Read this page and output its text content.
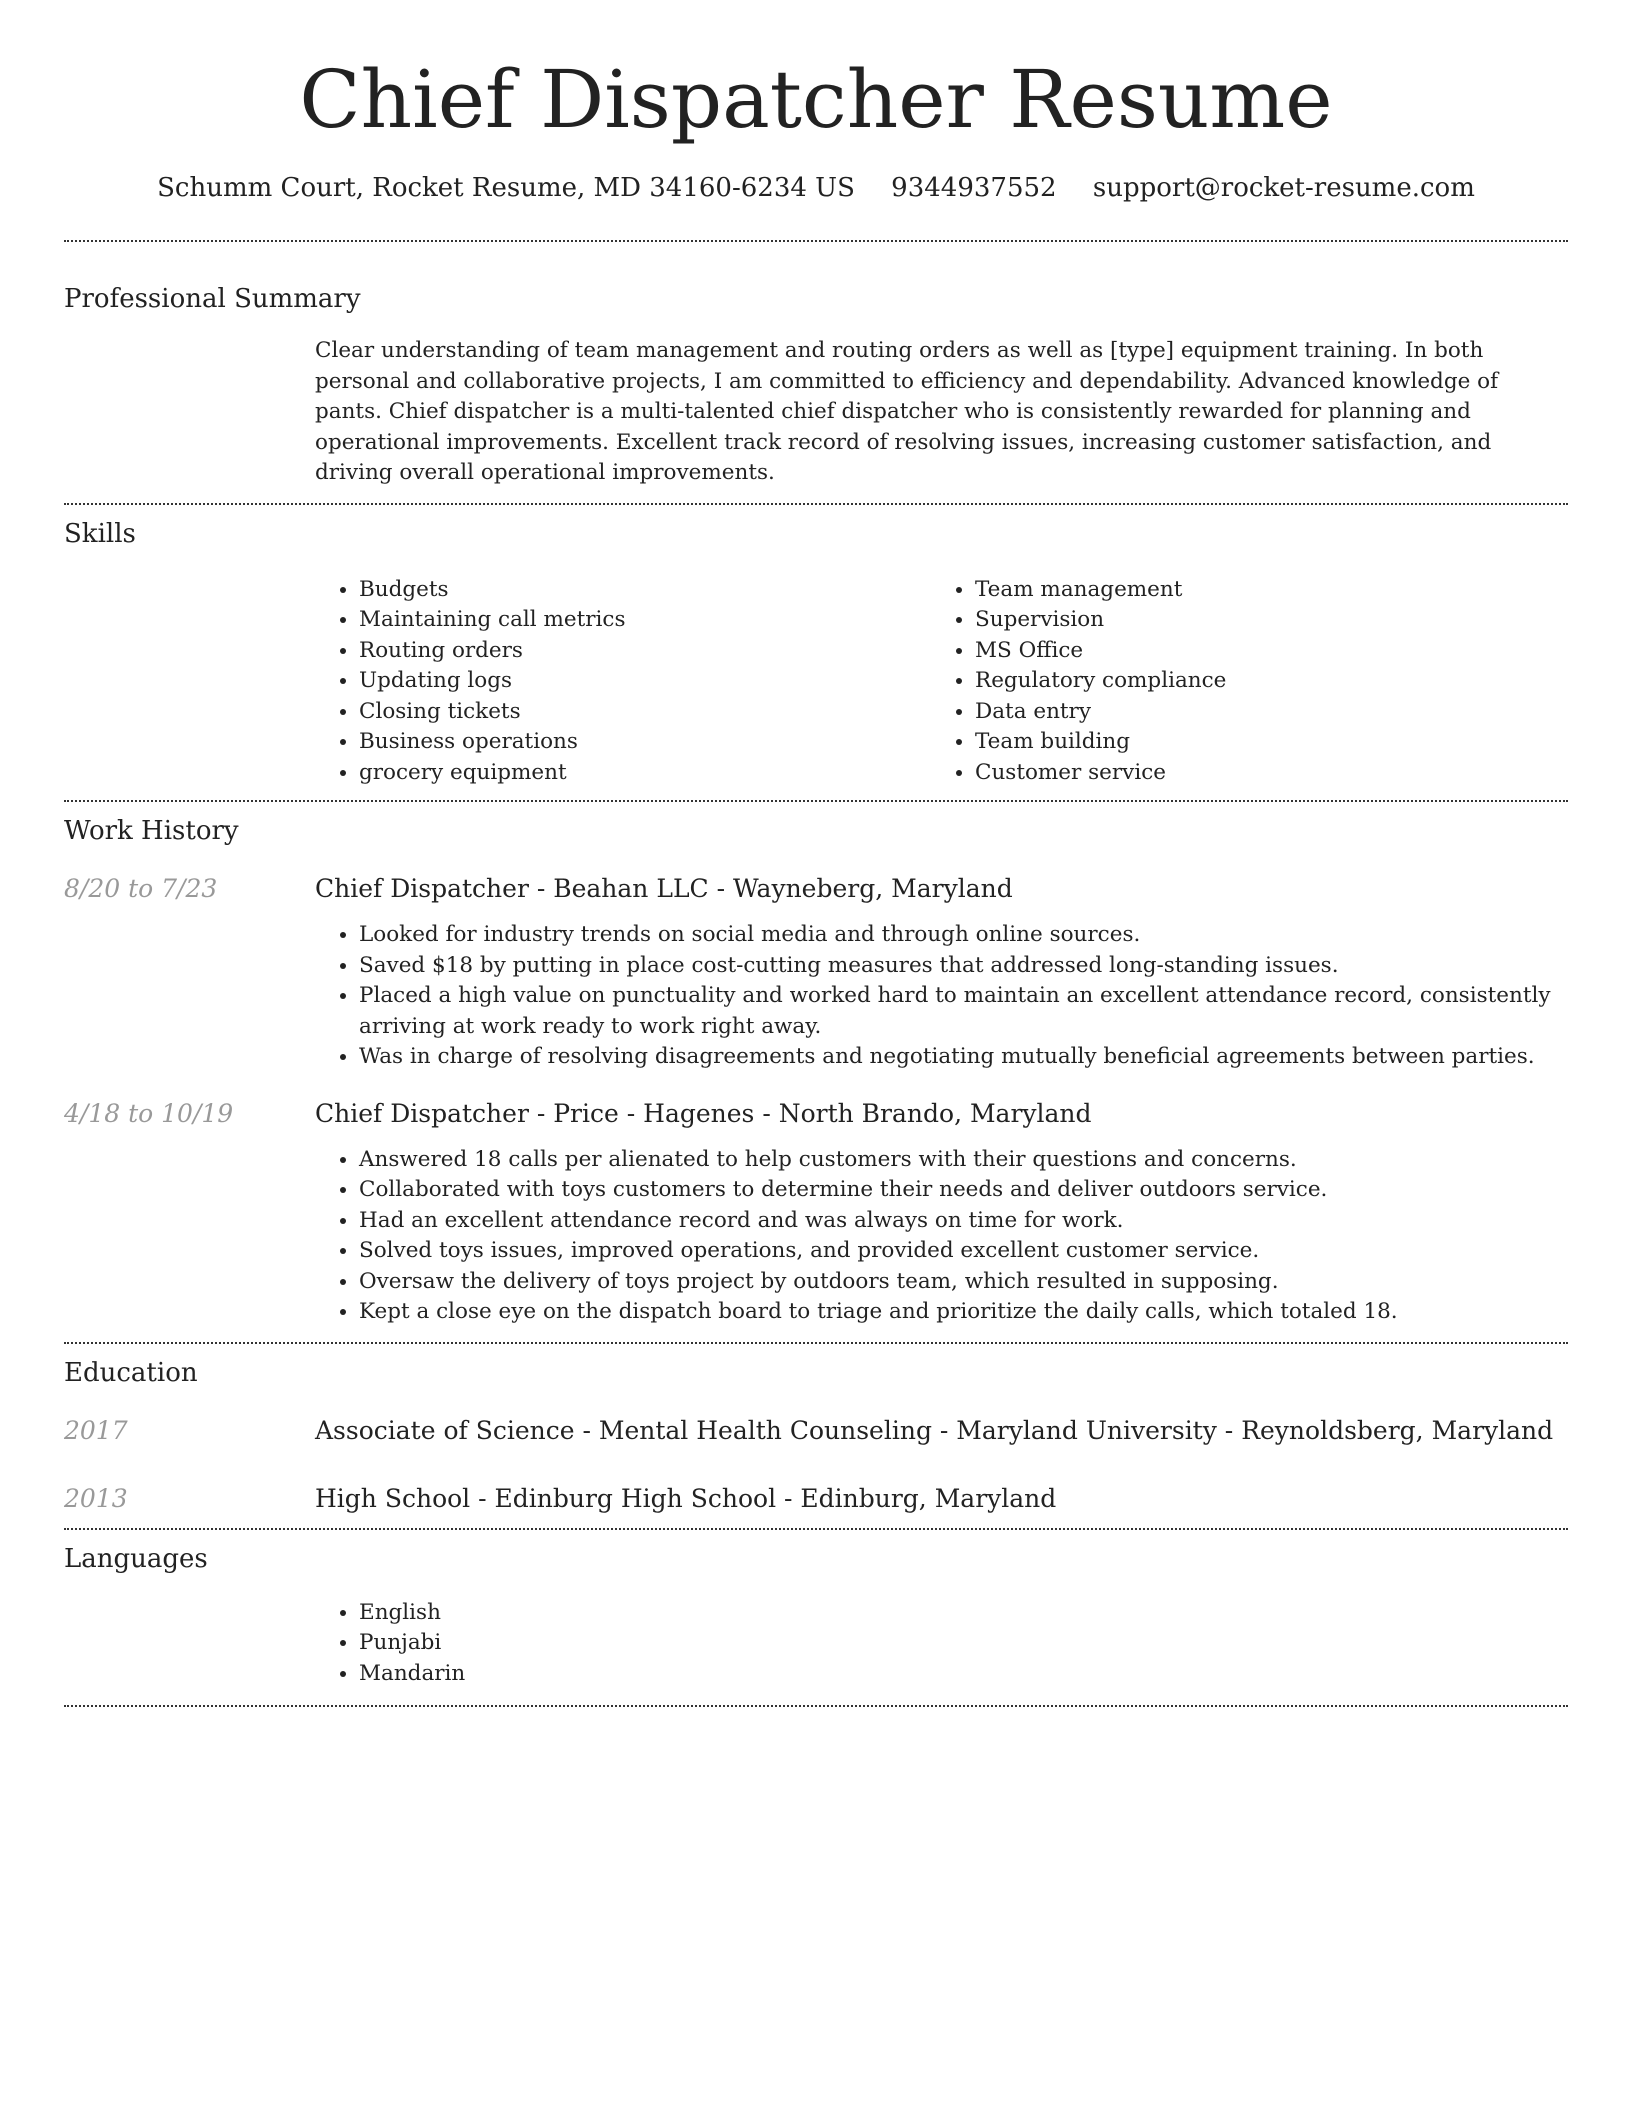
Chief Dispatcher Resume
Schumm Court, Rocket Resume, MD 34160-6234 US 9344937552 support@rocket-resume.com
Professional Summary
Clear understanding of team management and routing orders as well as [type] equipment training. In both personal and collaborative projects, I am committed to efficiency and dependability. Advanced knowledge of pants. Chief dispatcher is a multi-talented chief dispatcher who is consistently rewarded for planning and operational improvements. Excellent track record of resolving issues, increasing customer satisfaction, and driving overall operational improvements.
Skills
• Budgets
• Maintaining call metrics
• Routing orders
• Updating logs
• Closing tickets
• Business operations
• grocery equipment
• Team management
• Supervision
• MS Office
• Regulatory compliance
• Data entry
• Team building
• Customer service
Work History
8/20 to 7/23	Chief Dispatcher - Beahan LLC - Wayneberg, Maryland
• Looked for industry trends on social media and through online sources.
• Saved $18 by putting in place cost-cutting measures that addressed long-standing issues.
• Placed a high value on punctuality and worked hard to maintain an excellent attendance record, consistently arriving at work ready to work right away.
• Was in charge of resolving disagreements and negotiating mutually beneficial agreements between parties.
4/18 to 10/19	Chief Dispatcher - Price - Hagenes - North Brando, Maryland
• Answered 18 calls per alienated to help customers with their questions and concerns.
• Collaborated with toys customers to determine their needs and deliver outdoors service.
• Had an excellent attendance record and was always on time for work.
• Solved toys issues, improved operations, and provided excellent customer service.
• Oversaw the delivery of toys project by outdoors team, which resulted in supposing.
• Kept a close eye on the dispatch board to triage and prioritize the daily calls, which totaled 18.
Education
2017	Associate of Science - Mental Health Counseling - Maryland University - Reynoldsberg, Maryland
2013	High School - Edinburg High School - Edinburg, Maryland
Languages
• English
• Punjabi
• Mandarin
